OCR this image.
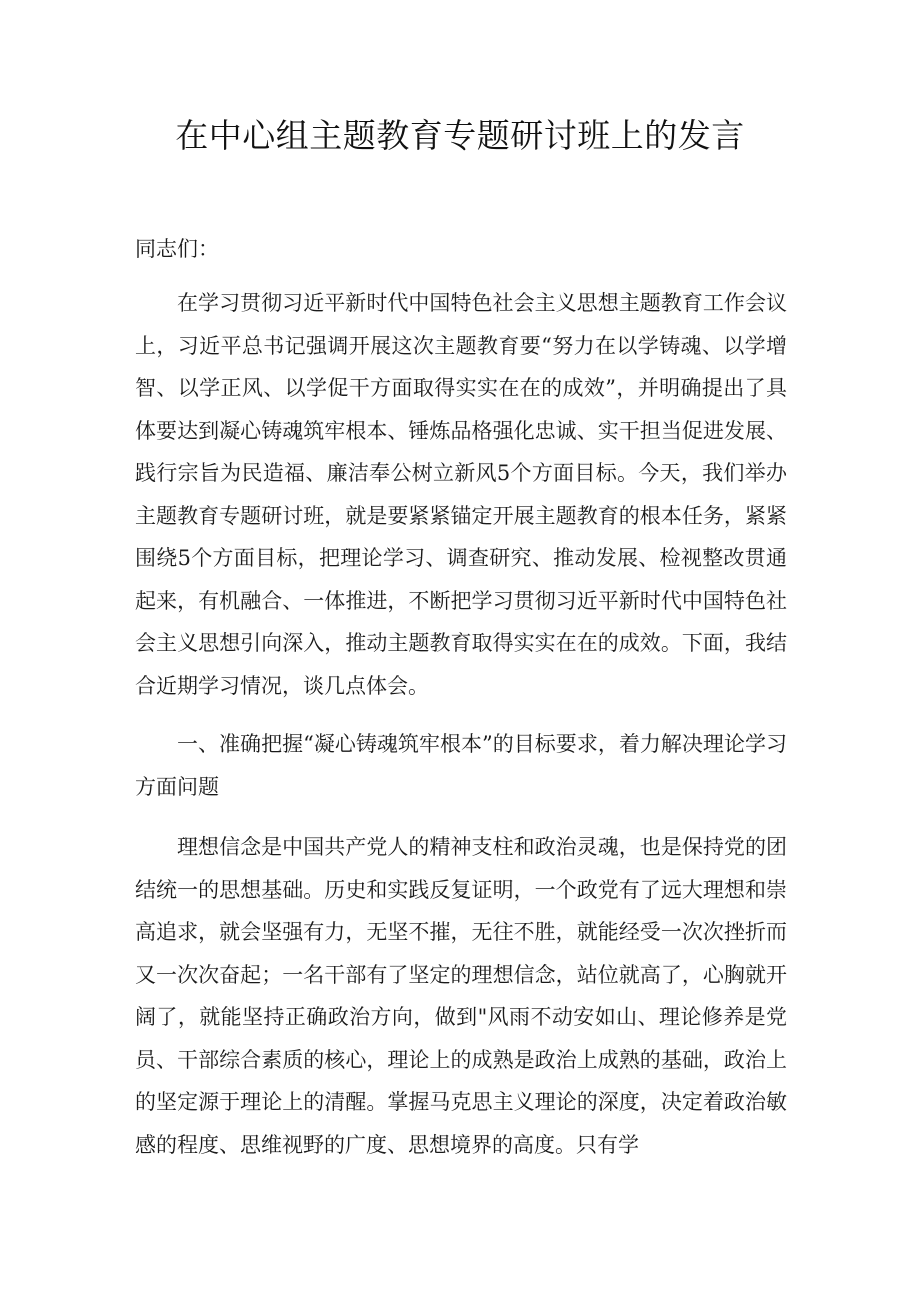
在中心组主题教育专题研讨班上的发言

同志们：

在学习贯彻习近平新时代中国特色社会主义思想主题教育工作会议上，习近平总书记强调开展这次主题教育要“努力在以学铸魂、以学增智、以学正风、以学促干方面取得实实在在的成效”，并明确提出了具体要达到凝心铸魂筑牢根本、锤炼品格强化忠诚、实干担当促进发展、践行宗旨为民造福、廉洁奉公树立新风5个方面目标。今天，我们举办主题教育专题研讨班，就是要紧紧锚定开展主题教育的根本任务，紧紧围绕5个方面目标，把理论学习、调查研究、推动发展、检视整改贯通起来，有机融合、一体推进，不断把学习贯彻习近平新时代中国特色社会主义思想引向深入，推动主题教育取得实实在在的成效。下面，我结合近期学习情况，谈几点体会。

一、准确把握“凝心铸魂筑牢根本”的目标要求，着力解决理论学习方面问题

理想信念是中国共产党人的精神支柱和政治灵魂，也是保持党的团结统一的思想基础。历史和实践反复证明，一个政党有了远大理想和崇高追求，就会坚强有力，无坚不摧，无往不胜，就能经受一次次挫折而又一次次奋起；一名干部有了坚定的理想信念，站位就高了，心胸就开阔了，就能坚持正确政治方向，做到"风雨不动安如山、理论修养是党员、干部综合素质的核心，理论上的成熟是政治上成熟的基础，政治上的坚定源于理论上的清醒。掌握马克思主义理论的深度，决定着政治敏感的程度、思维视野的广度、思想境界的高度。只有学
